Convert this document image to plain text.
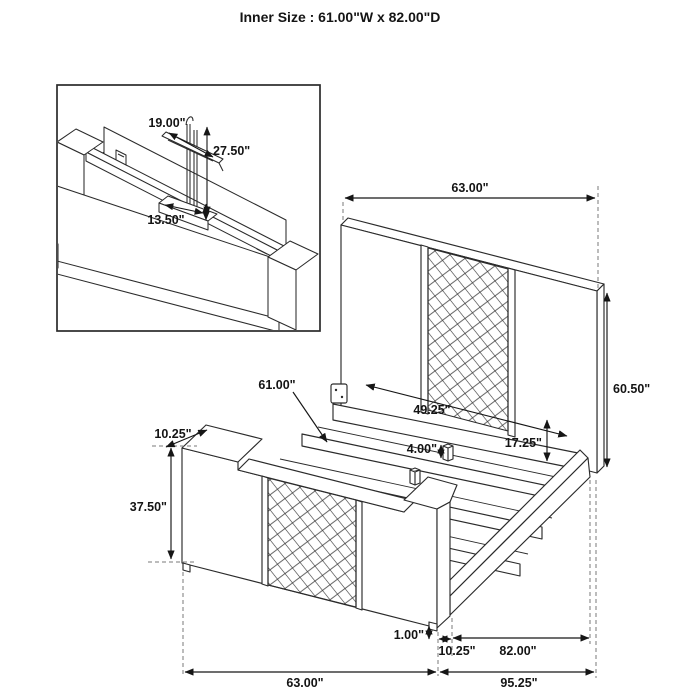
Inner Size : 61.00"W x 82.00"D
19.00"
27.50"
13.50"
63.00"
60.50"
61.00"
49.25"
17.25"
4.00"
10.25"
37.50"
1.00"
10.25" 82.00"
63.00"	95.25"
